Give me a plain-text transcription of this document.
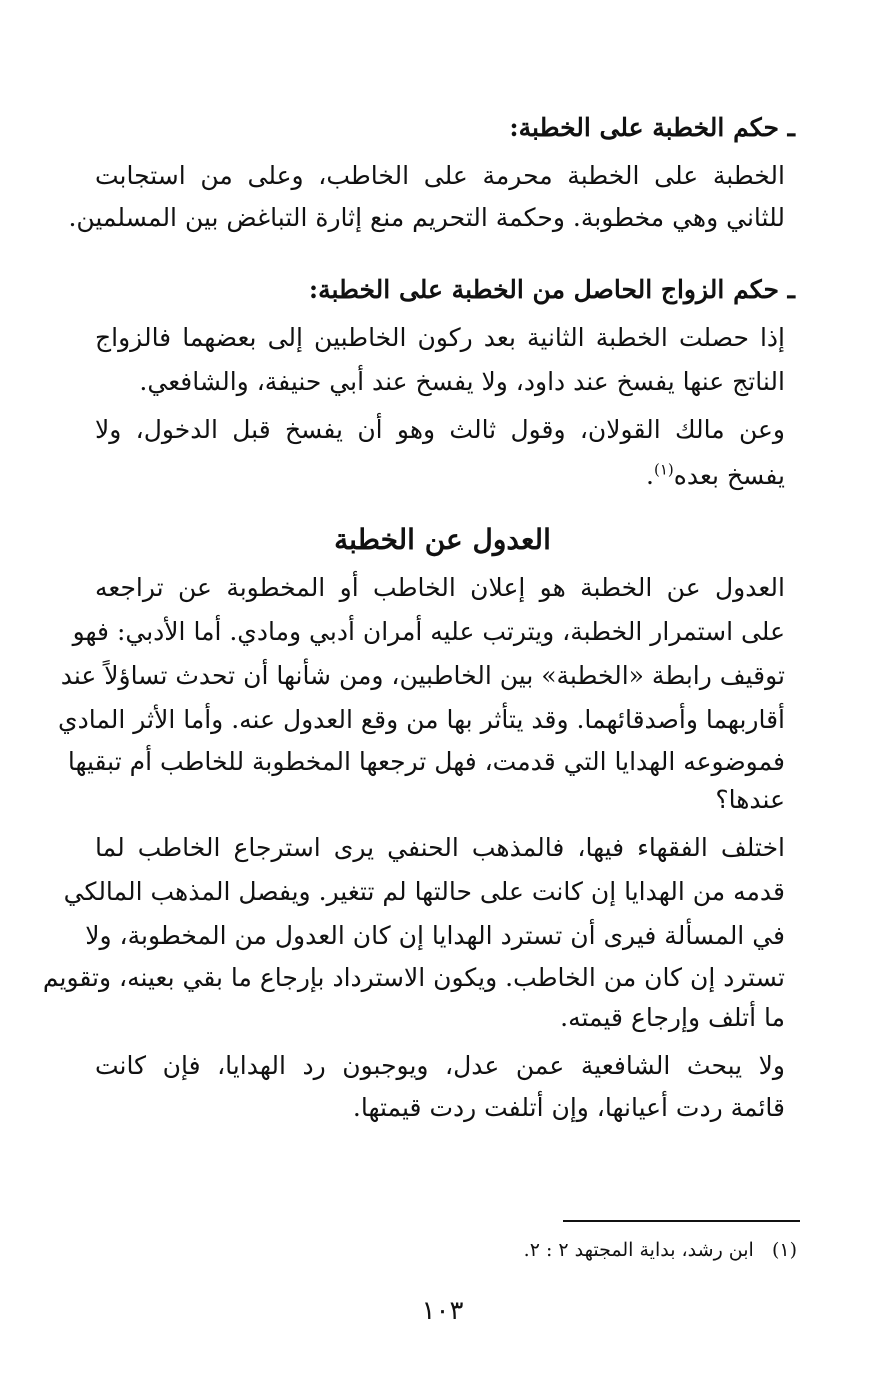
ـ حكم الخطبة على الخطبة:
الخطبة على الخطبة محرمة على الخاطب، وعلى من استجابت
للثاني وهي مخطوبة. وحكمة التحريم منع إثارة التباغض بين المسلمين.
ـ حكم الزواج الحاصل من الخطبة على الخطبة:
إذا حصلت الخطبة الثانية بعد ركون الخاطبين إلى بعضهما فالزواج
الناتج عنها يفسخ عند داود، ولا يفسخ عند أبي حنيفة، والشافعي.
وعن مالك القولان، وقول ثالث وهو أن يفسخ قبل الدخول، ولا
يفسخ بعده$^{(١)}$.
العدول عن الخطبة
العدول عن الخطبة هو إعلان الخاطب أو المخطوبة عن تراجعه
على استمرار الخطبة، ويترتب عليه أمران أدبي ومادي. أما الأدبي: فهو
توقيف رابطة «الخطبة» بين الخاطبين، ومن شأنها أن تحدث تساؤلاً عند
أقاربهما وأصدقائهما. وقد يتأثر بها من وقع العدول عنه. وأما الأثر المادي
فموضوعه الهدايا التي قدمت، فهل ترجعها المخطوبة للخاطب أم تبقيها
عندها؟
اختلف الفقهاء فيها، فالمذهب الحنفي يرى استرجاع الخاطب لما
قدمه من الهدايا إن كانت على حالتها لم تتغير. ويفصل المذهب المالكي
في المسألة فيرى أن تسترد الهدايا إن كان العدول من المخطوبة، ولا
تسترد إن كان من الخاطب. ويكون الاسترداد بإرجاع ما بقي بعينه، وتقويم
ما أتلف وإرجاع قيمته.
ولا يبحث الشافعية عمن عدل، ويوجبون رد الهدايا، فإن كانت
قائمة ردت أعيانها، وإن أتلفت ردت قيمتها.
(١)   ابن رشد، بداية المجتهد ٢ : ٢.
١٠٣
